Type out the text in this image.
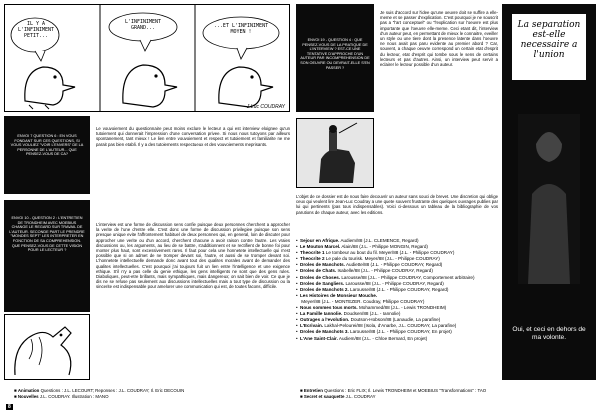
IL Y A L'INFINIMENT PETIT...
L'INFINIMENT GRAND...	...ET L'INFINIMENT MOYEN !
J-Luc COUDRAY
ENVOI 19 - QUESTION 4 : QUE PENSEZ-VOUS DE LA PRATIQUE DE L'INTERVIEW ? EST-CE UNE TENTATIVE D'APPROCHE D'UN AUTEUR PAR INCOMPREHENSION DE SON OEUVRE OU DEVRAIT-ELLE S'EN PASSER ?
Je suis d'accord sur l'idee qu'une oeuvre doit se suffire a elle-meme et se passer d'explication. C'est pourquoi je ne souscrit pas a "l'art conceptuel" ou "l'explication sur l'oeuvre est plus importante que l'oeuvre elle-meme. Ceci etant dit, l'interview d'un auteur peut, en permettant de mieux le connaitre, eveiller un style ou une tiere dont la presence latente dans l'oeuvre ne nous avait pas paru evidente au premier abord ? Car, souvent, a chaque oeuvre correspond un certain etat d'esprit du lecteur, etat d'esprit qui tombe sous le sens de certains lecteurs et pas d'autres. Ainsi, un interview peut servir a eclairer le lecteur possible d'un auteur.
La separation est-elle necessaire a l'union
Oui, et ceci en dehors de ma volonte.
ENVOI 7 QUESTION 6 : EN VOUS FONDANT SUR CES QUESTIONS, SI VOUS VOULIEZ "VOIR L'ENVERS" DE LA PERSONNE DE L'AUTEUR... QUE PENSEZ-VOUS DE CA?
Le vouvoiement du questionnaire peut moins exclure le lecteur a qui est interview eloignee qu'un tutoiement qui donnerait l'impression d'une conversation privee. Si nous nous tutoyons par ailleurs spontanement, tant mieux ! Le lien entre vouvoiement et respect et tutoiement et familiarite ne me parait pas bien etabli. Il y a des tutoiements respectueux et des vouvoiements meprisants.
ENVOI 10 - QUESTION 2 : L'ENTRETIEN DE TRONDHEIM AVEC MOEBIUS CHANGE LE REGARD SUR TRAVAIL DE L'AUTEUR. SECONDE PART LE PRENDRE "MONDES SEPT" LES INTERPRETER EN FONCTION DE SA COMPREHENSION. QUE PENSEZ-VOUS DE CETTE VISION POUR LE LECTEUR ?
8
L'interview est une forme de discussion sens confie puisque deux personnes cherchent a approcher la verite de l'une d'entre elle. C'est donc une forme de discussion privilegiee puisque son sens presque unique evite l'affrontement habituel de deux personnes qui, en general, loin de discuter pour approcher une verite ou d'un accord, cherchent chacune a avoir raison contre l'autre. Les vraies discussions ou, les arguments, au lieu de se battre, s'additionnent et se rectifient de bonne foi pour monter plus haut, sont excessivement rares. Il faut pour cela une honnetete intellectuelle qui n'est possible que si on admet de ne tromper devant soi, l'autre, et aussi de se tromper devant soi. L'honnetete intellectuelle demande donc avant tout des qualites morales avant de demander des qualites intellectuelles. C'est pourquoi j'ai toujours fuit un lien entre l'intelligence et une exigence ethique. S'il n'y a pas celle du genie ethique, les gens intelligents ne sont que des gens rules. Diaboliques, peut-etre brillants, mais sympathiques, mais dangereux; on sait bien de voir. Ce que je dis ne se refuse pas seulement aux discussions intellectuelles mais a tout type de discussion ou la sincerite est indispensable pour amelorer une communication qui est, de toutes facons, difficile.
L'objet de ce dossier est de nous faire decouvrir un auteur sans souci de brevet. Une discretion qui oblige ceux qui veulent lire Jean-Luc Coudray a une quete souvent frustrante des quelques ouvrages publies par lui qui pertinents (pas tous indispensables). Voici ci-dessous un tableau de la bibliographie de vos parutions de chaque auteur, avec les editions.
• Sejour en Afrique. Audiem/88 (J.L. CLEMENCE, Regard)
• Le Mouton Marcel. Alain/88 (J.L. - Philippe MONGIN, Regard)
• Theocrite 1 Le tombeur au bout du fil. Meyer/88 (J.L. - Philippe COUDRAY)
• Theocrite 2 Le pale du tourisk. Meyer/88 (J.L. - Philippe COUDRAY)
• Droles de Manchots. Audiette/88 (J.L. - Philippe COUDRAY, Regard)
• Droles de Chats. Isabelle/88 (J.L. - Philippe COUDRAY, Regard)
• Droles de Choses. Larousse/88 (J.L. - Philippe COUDRAY, Comportement arbitraire)
• Droles de Sangliers. Larousse/88 (J.L. - Philippe COUDRAY, Regard)
• Droles de Manchots 2. Larousse/88 (J.L. - Philippe COUDRAY, Regard)
• Les Histoires de Monsieur Mouche.
Meyer/88 (J.L. - MONTEZER. Coudray, Philippe COUDRAY)
• Nous sommes tous morts. Mohammed/88 (J.L. - Lewis TRONDHEIM)
• La Famille Iannolie. Doudsen/88 (J.L. - Iannolie)
• Outrages a l'evolution. Doutson-Hobson/88 (Lanaudie, La parafine)
• L'Ecrivain. Lakhal-Pelourei/88 (Isola, d'Anarbe, J.L. COUDRAY, La parafine)
• Droles de Manchots 3. Larousse/88 (J.L. - Philippe COUDRAY, En projet)
• L'Ane Saint-Clair. Audiem/88 (J.L. - Chloe Bernard, En projet)
■ Animation Questions : J.L. LECOURT; Reponses : J.L. COUDRAY; Il. Eric DECOUIN
■ Nouvelles J.L. COUDRAY. Illustration : MANO
■ Entretien Questions : Eric FLIX; Il. Lewis TRONDHEIM et MOEBIUS "Transformations" : TAO
■ Secret et sauquette J.L. COUDRAY
